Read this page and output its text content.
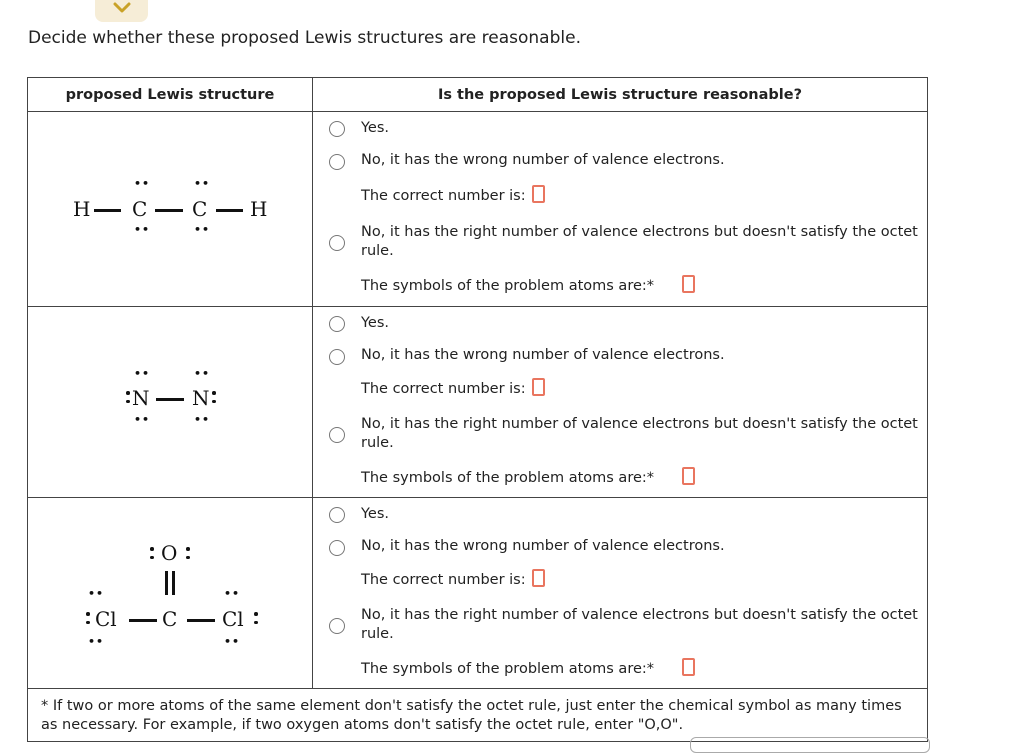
Decide whether these proposed Lewis structures are reasonable.
proposed Lewis structure	Is the proposed Lewis structure reasonable?
H
••
C
••
••
C
••
H
Yes.
No, it has the wrong number of valence electrons.
The correct number is:
No, it has the right number of valence electrons but doesn't satisfy the octet rule.
The symbols of the problem atoms are:*
••
N
••
••
N
••
Yes.
No, it has the wrong number of valence electrons.
The correct number is:
No, it has the right number of valence electrons but doesn't satisfy the octet rule.
The symbols of the problem atoms are:*
O
••
Cl
••
C
••
Cl
••
Yes.
No, it has the wrong number of valence electrons.
The correct number is:
No, it has the right number of valence electrons but doesn't satisfy the octet rule.
The symbols of the problem atoms are:*
* If two or more atoms of the same element don't satisfy the octet rule, just enter the chemical symbol as many times as necessary. For example, if two oxygen atoms don't satisfy the octet rule, enter "O,O".
